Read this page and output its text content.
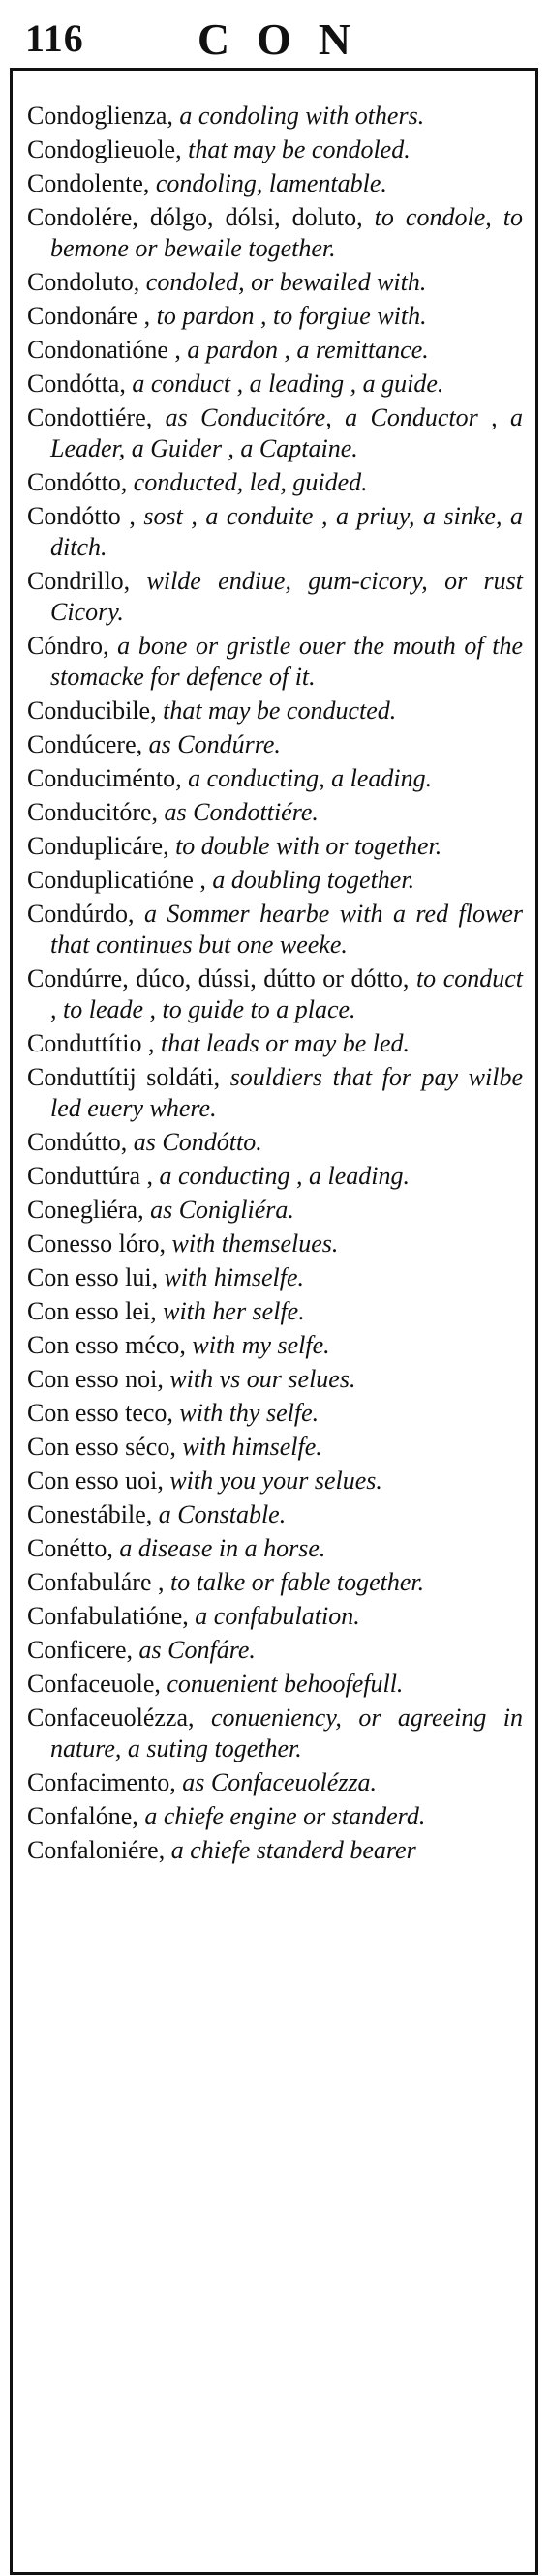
116	CON

Condoglienza, a condoling with others.

Condoglieuole, that may be condoled.

Condolente, condoling, lamentable.

Condolére, dólgo, dólsi, doluto, to condole, to bemone or bewaile together.

Condoluto, condoled, or bewailed with.

Condonáre , to pardon , to forgiue with.

Condonatióne , a pardon , a remittance.

Condótta, a conduct , a leading , a guide.

Condottiére, as Conducitóre, a Conductor , a Leader, a Guider , a Captaine.

Condótto, conducted, led, guided.

Condótto , sost , a conduite , a priuy, a sinke, a ditch.

Condrillo, wilde endiue, gum-cicory, or rust Cicory.

Cóndro, a bone or gristle ouer the mouth of the stomacke for defence of it.

Conducibile, that may be conducted.

Condúcere, as Condúrre.

Conduciménto, a conducting, a leading.

Conducitóre, as Condottiére.

Conduplicáre, to double with or together.

Conduplicatióne , a doubling together.

Condúrdo, a Sommer hearbe with a red flower that continues but one weeke.

Condúrre, dúco, dússi, dútto or dótto, to conduct , to leade , to guide to a place.

Conduttítio , that leads or may be led.

Conduttítij soldáti, souldiers that for pay wilbe led euery where.

Condútto, as Condótto.

Conduttúra , a conducting , a leading.

Conegliéra, as Conigliéra.

Conesso lóro, with themselues.

Con esso lui, with himselfe.

Con esso lei, with her selfe.

Con esso méco, with my selfe.

Con esso noi, with vs our selues.

Con esso teco, with thy selfe.

Con esso séco, with himselfe.

Con esso uoi, with you your selues.

Conestábile, a Constable.

Conétto, a disease in a horse.

Confabuláre , to talke or fable together.

Confabulatióne, a confabulation.

Conficere, as Confáre.

Confaceuole, conuenient behoofefull.

Confaceuolézza, conueniency, or agreeing in nature, a suting together.

Confacimento, as Confaceuolézza.

Confalóne, a chiefe engine or standerd.

Confaloniére, a chiefe standerd bearer
